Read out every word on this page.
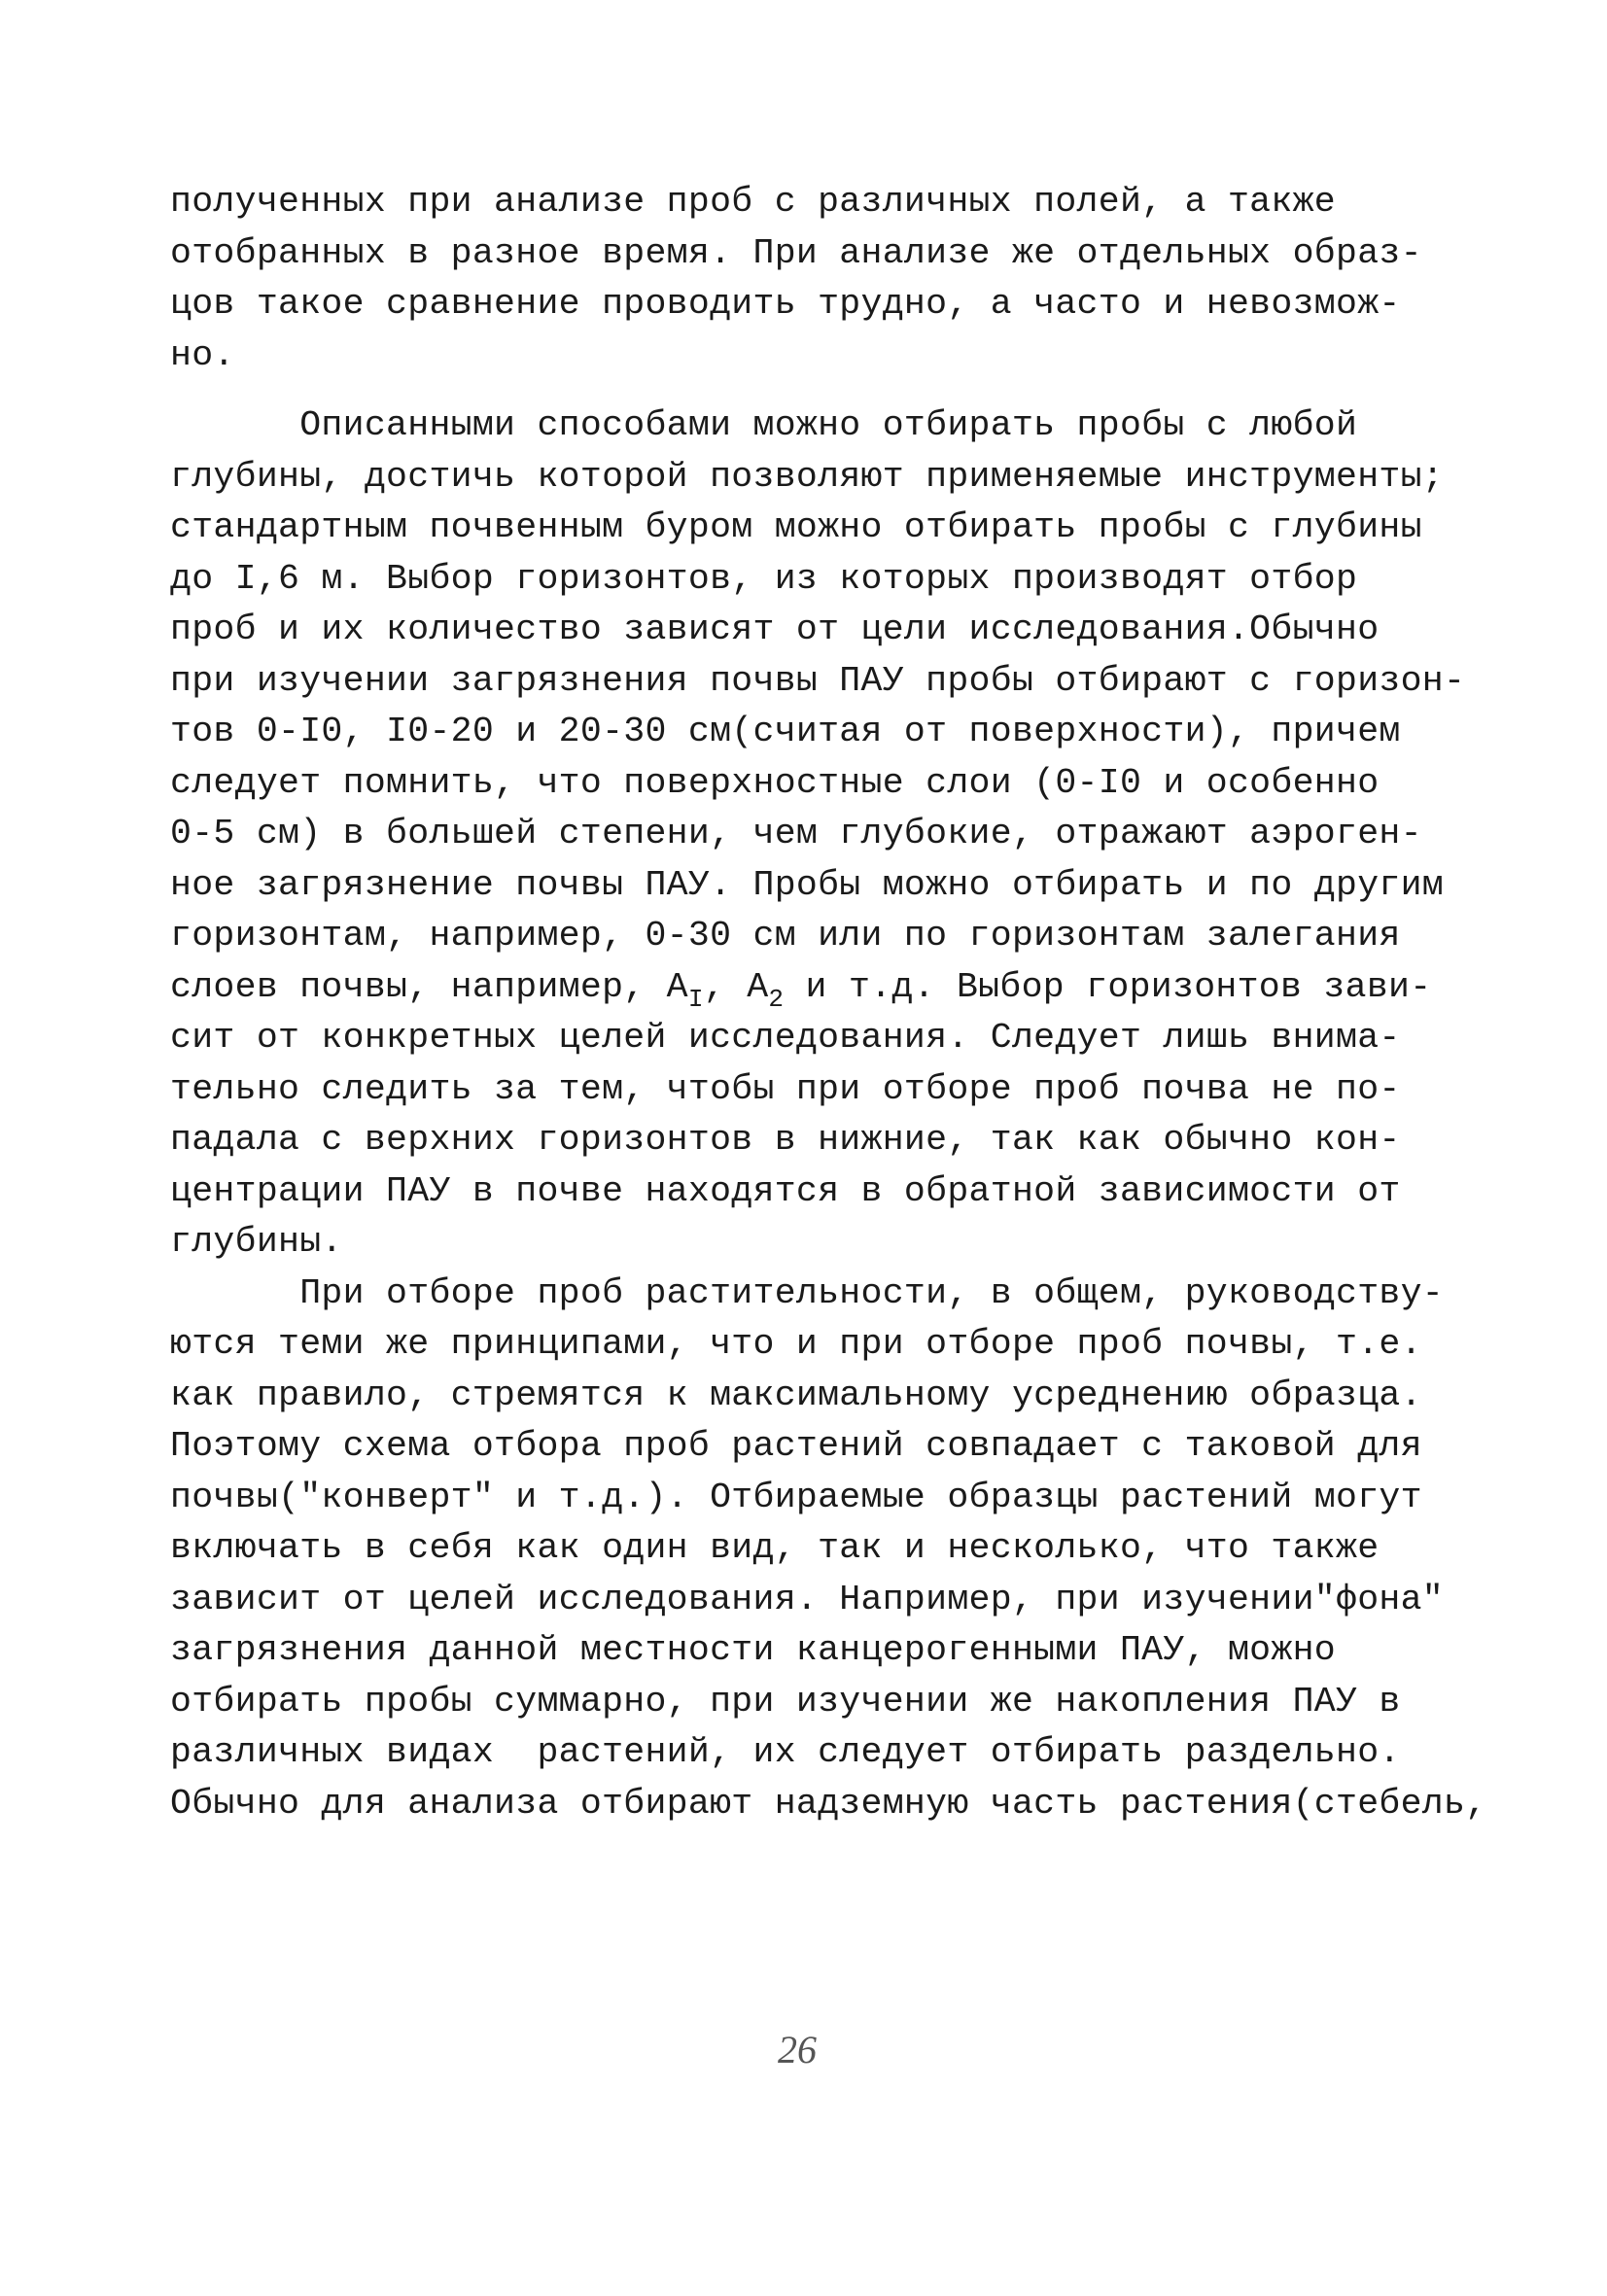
полученных при анализе проб с различных полей, а также
отобранных в разное время. При анализе же отдельных образ-
цов такое сравнение проводить трудно, а часто и невозмож-
но.
Описанными способами можно отбирать пробы с любой
глубины, достичь которой позволяют применяемые инструменты;
стандартным почвенным буром можно отбирать пробы с глубины
до I,6 м. Выбор горизонтов, из которых производят отбор
проб и их количество зависят от цели исследования.Обычно
при изучении загрязнения почвы ПАУ пробы отбирают с горизон-
тов 0-I0, I0-20 и 20-30 см(считая от поверхности), причем
следует помнить, что поверхностные слои (0-I0 и особенно
0-5 см) в большей степени, чем глубокие, отражают аэроген-
ное загрязнение почвы ПАУ. Пробы можно отбирать и по другим
горизонтам, например, 0-30 см или по горизонтам залегания
слоев почвы, например, $А_I$, $А_2$ и т.д. Выбор горизонтов зави-
сит от конкретных целей исследования. Следует лишь внима-
тельно следить за тем, чтобы при отборе проб почва не по-
падала с верхних горизонтов в нижние, так как обычно кон-
центрации ПАУ в почве находятся в обратной зависимости от
глубины.
При отборе проб растительности, в общем, руководству-
ются теми же принципами, что и при отборе проб почвы, т.е.
как правило, стремятся к максимальному усреднению образца.
Поэтому схема отбора проб растений совпадает с таковой для
почвы("конверт" и т.д.). Отбираемые образцы растений могут
включать в себя как один вид, так и несколько, что также
зависит от целей исследования. Например, при изучении"фона"
загрязнения данной местности канцерогенными ПАУ, можно
отбирать пробы суммарно, при изучении же накопления ПАУ в
различных видах  растений, их следует отбирать раздельно.
Обычно для анализа отбирают надземную часть растения(стебель,
26
